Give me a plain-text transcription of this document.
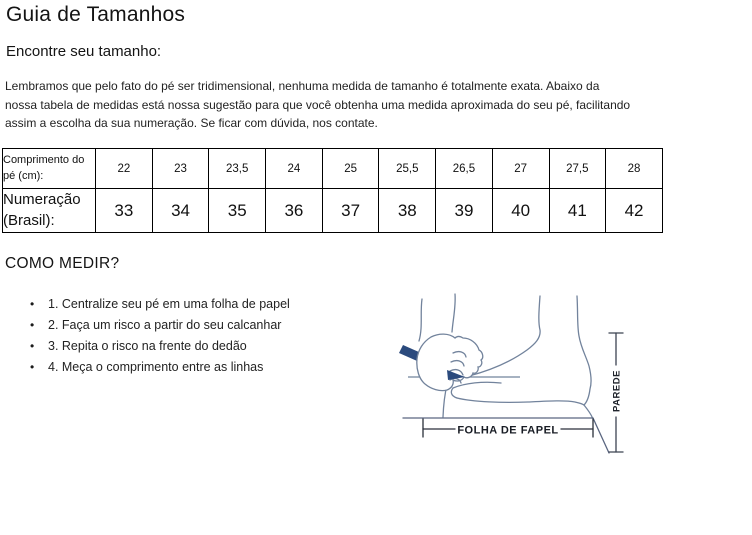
Guia de Tamanhos
Encontre seu tamanho:
Lembramos que pelo fato do pé ser tridimensional, nenhuma medida de tamanho é totalmente exata. Abaixo da
nossa tabela de medidas está nossa sugestão para que você obtenha uma medida aproximada do seu pé, facilitando
assim a escolha da sua numeração. Se ficar com dúvida, nos contate.
Comprimento do pé (cm):	22	23	23,5	24	25	25,5	26,5	27	27,5	28
Numeração (Brasil):	33	34	35	36	37	38	39	40	41	42
COMO MEDIR?
• 1. Centralize seu pé em uma folha de papel
• 2. Faça um risco a partir do seu calcanhar
• 3. Repita o risco na frente do dedão
• 4. Meça o comprimento entre as linhas
FOLHA DE FAPEL
PAREDE
